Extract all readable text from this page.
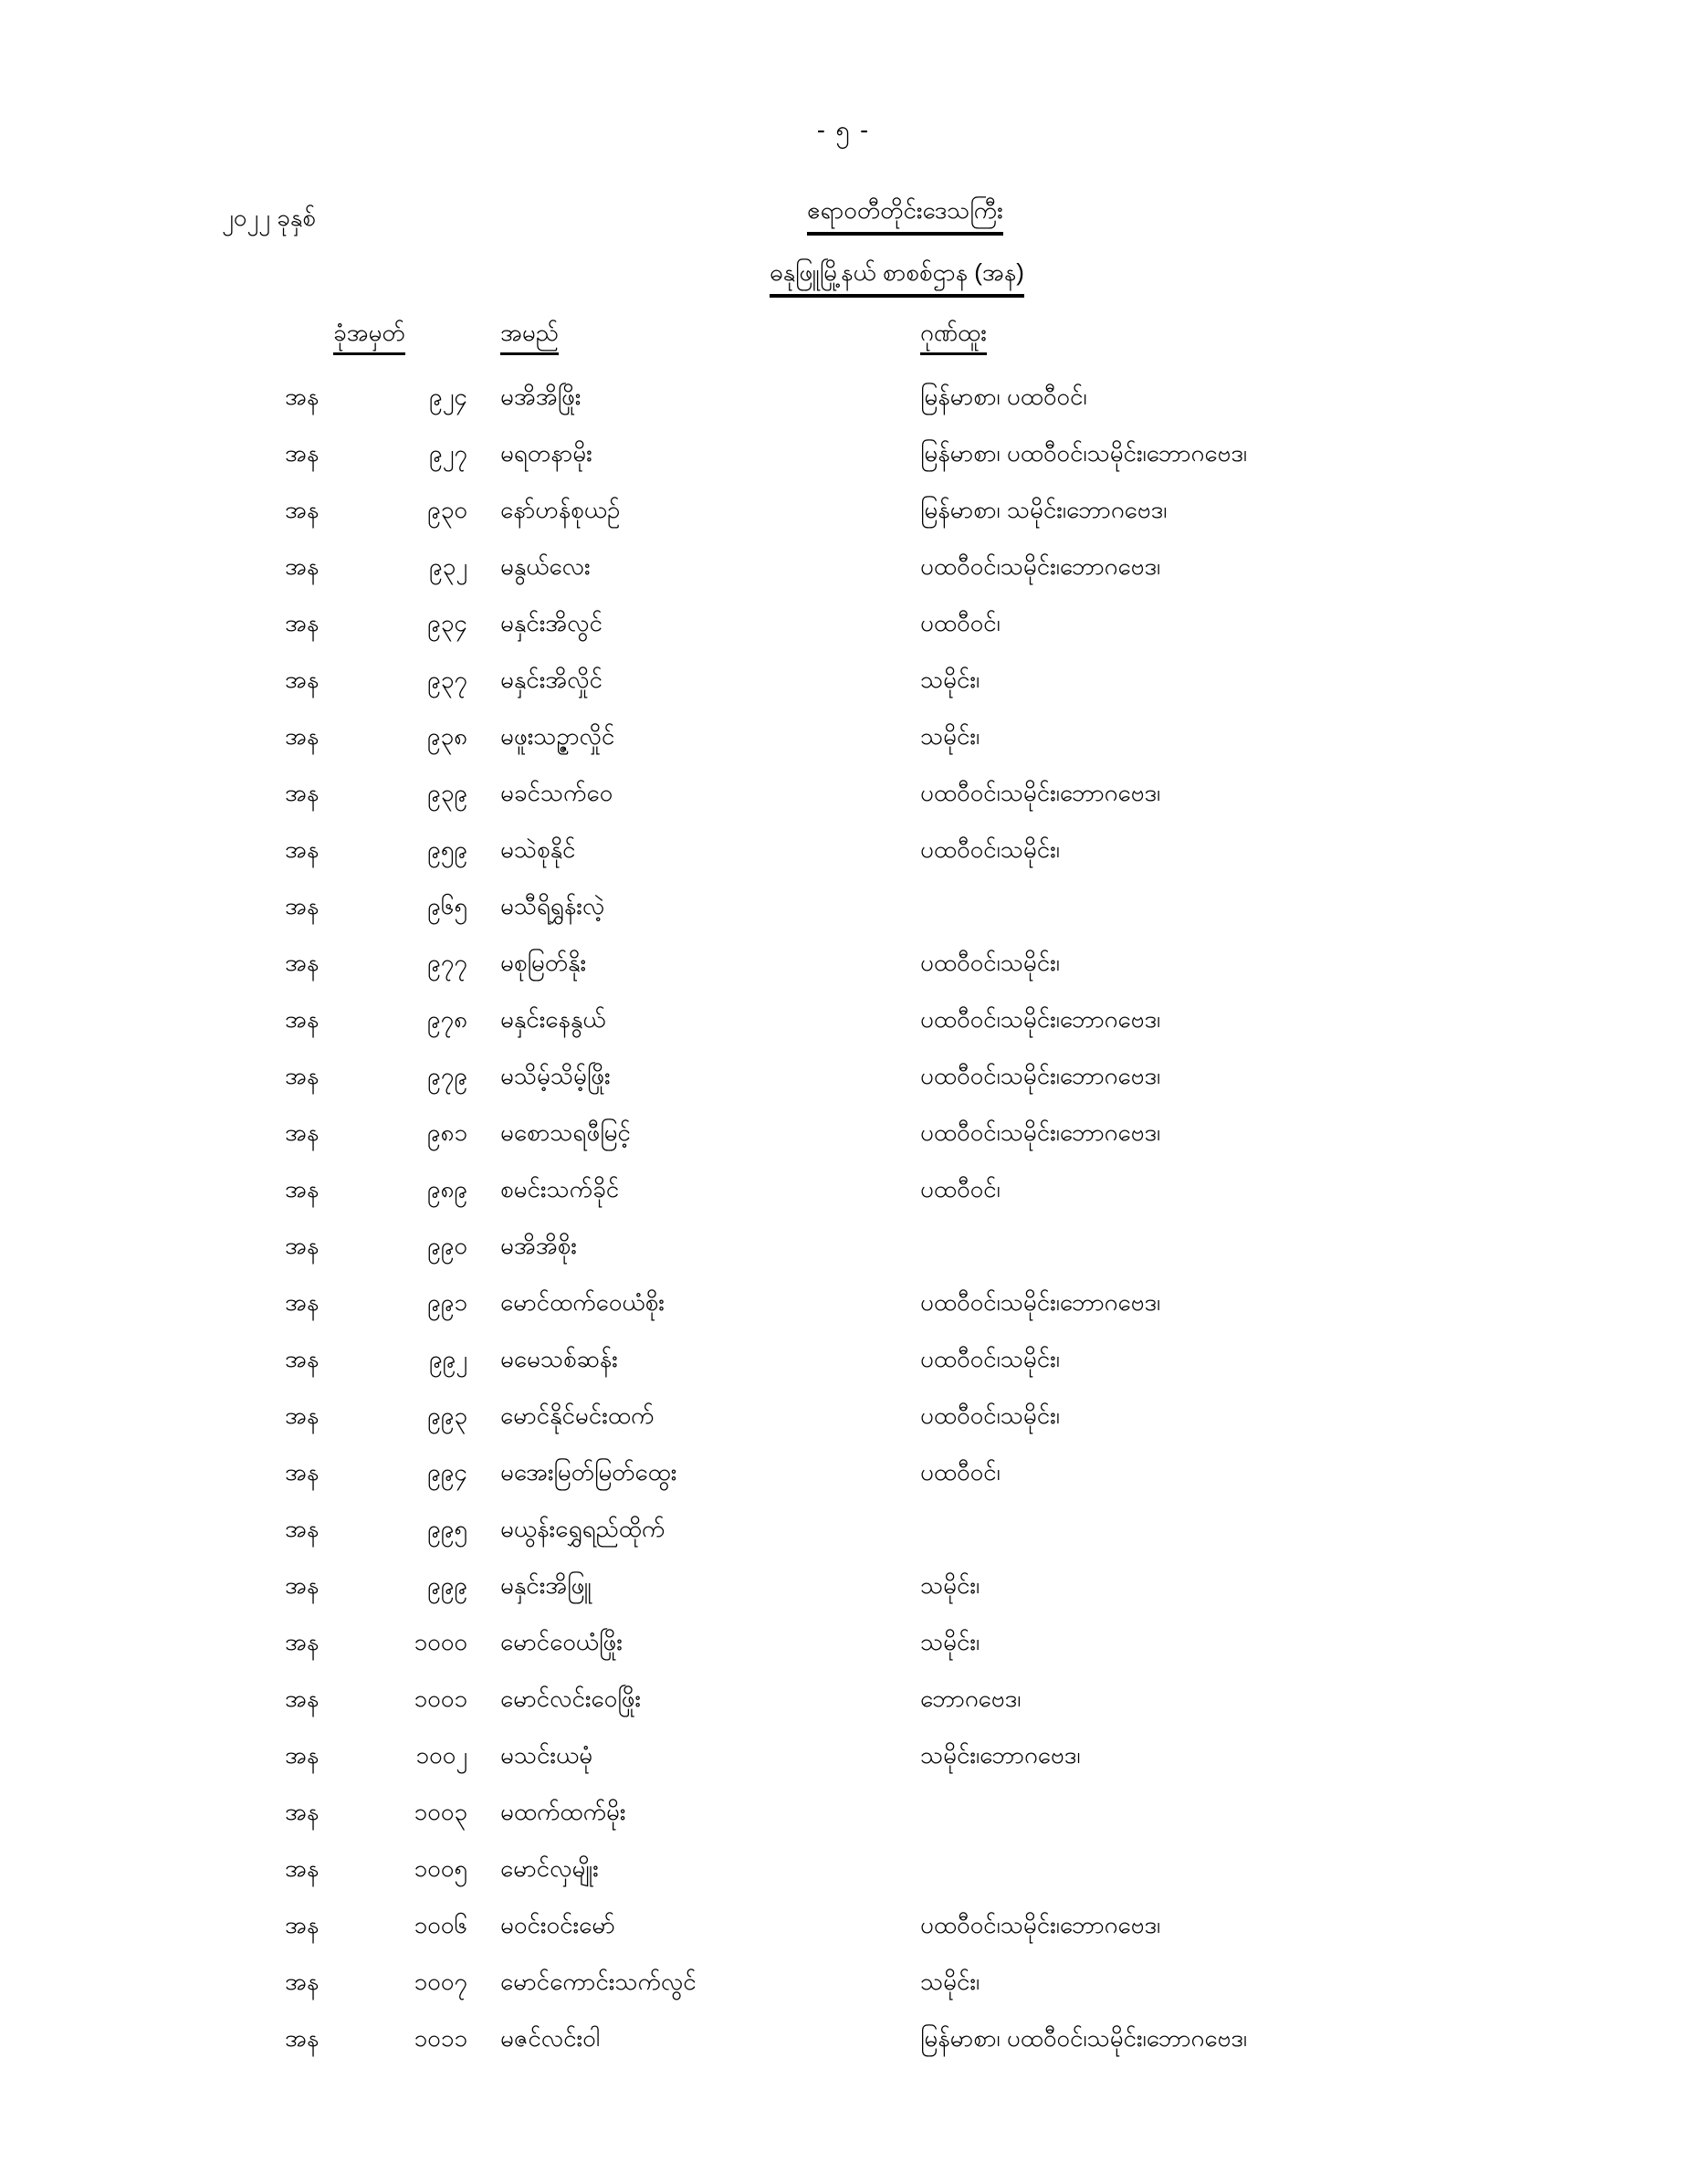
- ၅ -
၂၀၂၂ ခုနှစ်	ဧရာဝတီတိုင်းဒေသကြီး
ဓနုဖြူမြို့နယ် စာစစ်ဌာန (အန)
ခုံအမှတ်	အမည်	ဂုဏ်ထူး
အန	၉၂၄ မအိအိဖြိုး	မြန်မာစာ၊ ပထဝီဝင်၊
အန	၉၂၇ မရတနာမိုး	မြန်မာစာ၊ ပထဝီဝင်၊သမိုင်း၊ဘောဂဗေဒ၊
အန	၉၃၀ နော်ဟန်စုယဉ်	မြန်မာစာ၊ သမိုင်း၊ဘောဂဗေဒ၊
အန	၉၃၂ မနွယ်လေး	ပထဝီဝင်၊သမိုင်း၊ဘောဂဗေဒ၊
အန	၉၃၄ မနှင်းအိလွင်	ပထဝီဝင်၊
အန	၉၃၇ မနှင်းအိလှိုင်	သမိုင်း၊
အန	၉၃၈ မဖူးသဉ္ဇာလှိုင်	သမိုင်း၊
အန	၉၃၉ မခင်သက်ဝေ	ပထဝီဝင်၊သမိုင်း၊ဘောဂဗေဒ၊
အန	၉၅၉ မသဲစုနိုင်	ပထဝီဝင်၊သမိုင်း၊
အန	၉၆၅ မသီရိရွှန်းလဲ့
အန	၉၇၇ မစုမြတ်နိုး	ပထဝီဝင်၊သမိုင်း၊
အန	၉၇၈ မနှင်းနေနွယ်	ပထဝီဝင်၊သမိုင်း၊ဘောဂဗေဒ၊
အန	၉၇၉ မသိမ့်သိမ့်ဖြိုး	ပထဝီဝင်၊သမိုင်း၊ဘောဂဗေဒ၊
အန	၉၈၁ မစောသရဖီမြင့်	ပထဝီဝင်၊သမိုင်း၊ဘောဂဗေဒ၊
အန	၉၈၉ စမင်းသက်ခိုင်	ပထဝီဝင်၊
အန	၉၉၀ မအိအိစိုး
အန	၉၉၁ မောင်ထက်ဝေယံစိုး	ပထဝီဝင်၊သမိုင်း၊ဘောဂဗေဒ၊
အန	၉၉၂ မမေသစ်ဆန်း	ပထဝီဝင်၊သမိုင်း၊
အန	၉၉၃ မောင်နိုင်မင်းထက်	ပထဝီဝင်၊သမိုင်း၊
အန	၉၉၄ မအေးမြတ်မြတ်ထွေး	ပထဝီဝင်၊
အန	၉၉၅ မယွန်းရွှေရည်ထိုက်
အန	၉၉၉ မနှင်းအိဖြူ	သမိုင်း၊
အန	၁၀၀၀ မောင်ဝေယံဖြိုး	သမိုင်း၊
အန	၁၀၀၁ မောင်လင်းဝေဖြိုး	ဘောဂဗေဒ၊
အန	၁၀၀၂ မသင်းယမုံ	သမိုင်း၊ဘောဂဗေဒ၊
အန	၁၀၀၃ မထက်ထက်မိုး
အန	၁၀၀၅ မောင်လှမျိုး
အန	၁၀၀၆ မဝင်းဝင်းမော်	ပထဝီဝင်၊သမိုင်း၊ဘောဂဗေဒ၊
အန	၁၀၀၇ မောင်ကောင်းသက်လွင်	သမိုင်း၊
အန	၁၀၁၁ မဇင်လင်းဝါ	မြန်မာစာ၊ ပထဝီဝင်၊သမိုင်း၊ဘောဂဗေဒ၊
